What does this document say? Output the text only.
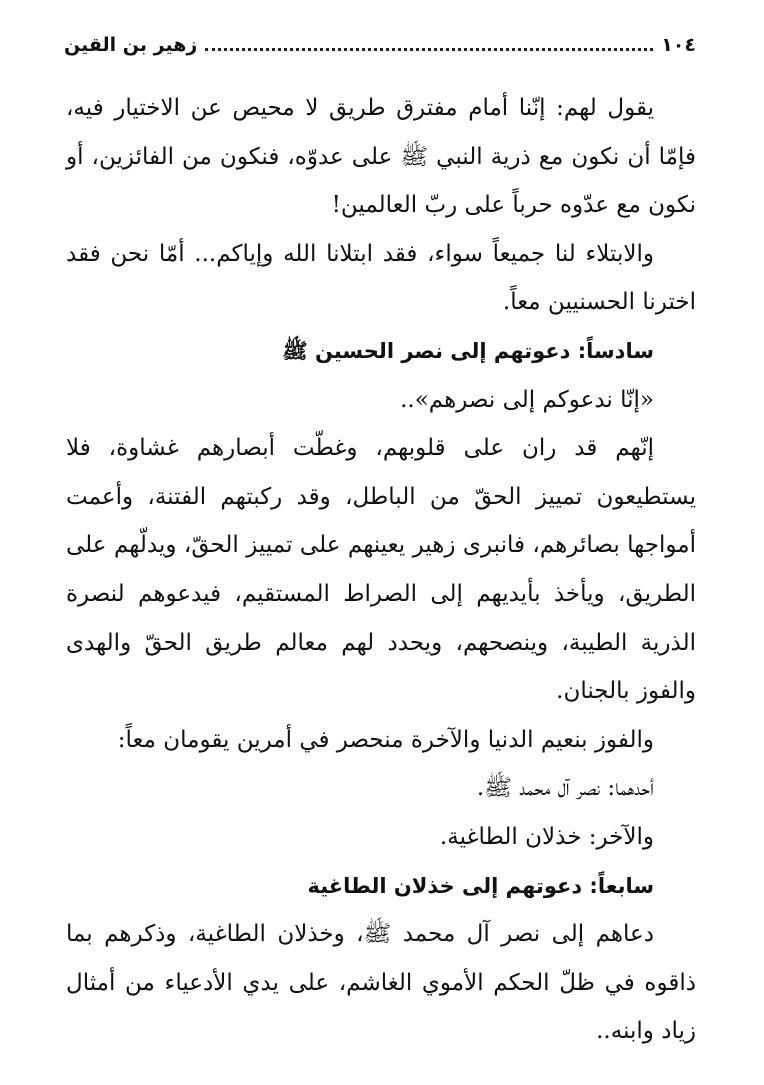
١٠٤
زهير بن القين

يقول لهم: إنّنا أمام مفترق طريق لا محيص عن الاختيار فيه، فإمّا أن نكون مع ذرية النبي ﷺ على عدوّه، فنكون من الفائزين، أو نكون مع عدّوه حرباً على ربّ العالمين!

والابتلاء لنا جميعاً سواء، فقد ابتلانا الله وإياكم... أمّا نحن فقد اخترنا الحسنيين معاً.

سادساً: دعوتهم إلى نصر الحسين ﷺ

«إنّا ندعوكم إلى نصرهم»..

إنّهم قد ران على قلوبهم، وغطّت أبصارهم غشاوة، فلا يستطيعون تمييز الحقّ من الباطل، وقد ركبتهم الفتنة، وأعمت أمواجها بصائرهم، فانبرى زهير يعينهم على تمييز الحقّ، ويدلّهم على الطريق، ويأخذ بأيديهم إلى الصراط المستقيم، فيدعوهم لنصرة الذرية الطيبة، وينصحهم، ويحدد لهم معالم طريق الحقّ والهدى والفوز بالجنان.

والفوز بنعيم الدنيا والآخرة منحصر في أمرين يقومان معاً:

أحدهما: نصر آل محمد ﷺ.

والآخر: خذلان الطاغية.

سابعاً: دعوتهم إلى خذلان الطاغية

دعاهم إلى نصر آل محمد ﷺ، وخذلان الطاغية، وذكرهم بما ذاقوه في ظلّ الحكم الأموي الغاشم، على يدي الأدعياء من أمثال زياد وابنه..
